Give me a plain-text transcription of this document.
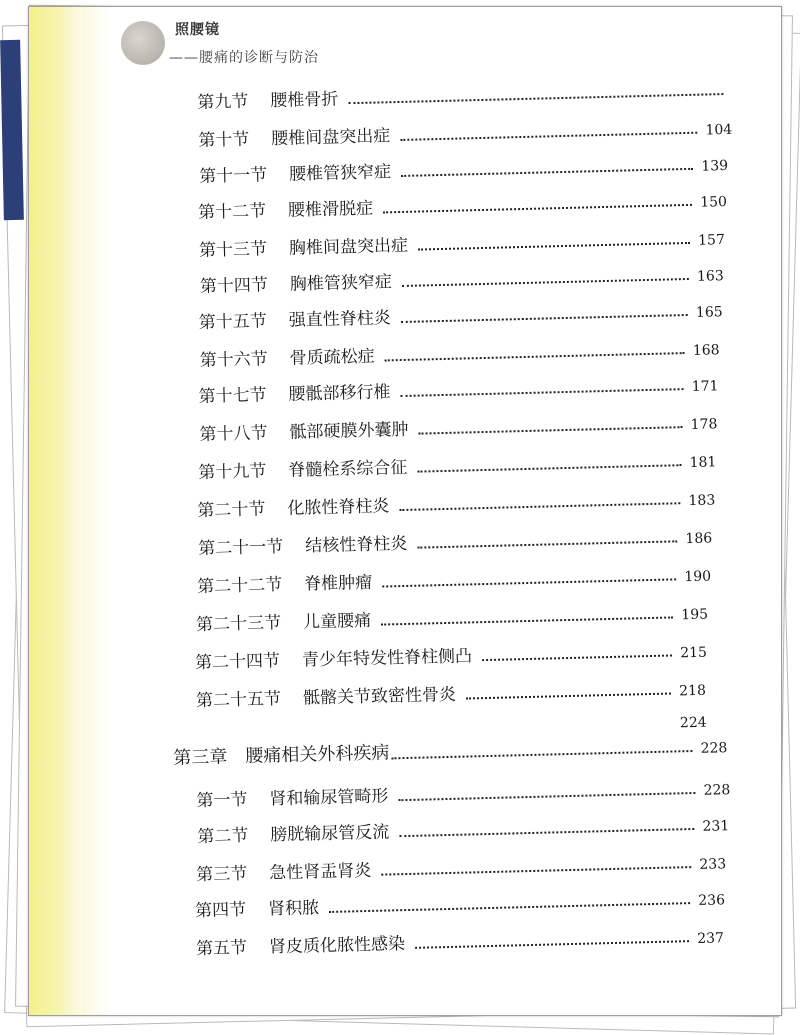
照腰镜
——腰痛的诊断与防治
第九节 腰椎骨折
第十节 腰椎间盘突出症	104
第十一节 腰椎管狭窄症	139
第十二节 腰椎滑脱症	150
第十三节 胸椎间盘突出症	157
第十四节 胸椎管狭窄症	163
第十五节 强直性脊柱炎	165
第十六节 骨质疏松症	168
第十七节 腰骶部移行椎	171
第十八节 骶部硬膜外囊肿	178
第十九节 脊髓栓系综合征	181
第二十节 化脓性脊柱炎	183
第二十一节 结核性脊柱炎	186
第二十二节 脊椎肿瘤	190
第二十三节 儿童腰痛	195
第二十四节 青少年特发性脊柱侧凸	215
第二十五节 骶髂关节致密性骨炎	218
224
第三章 腰痛相关外科疾病	228
第一节 肾和输尿管畸形	228
第二节 膀胱输尿管反流	231
第三节 急性肾盂肾炎	233
第四节 肾积脓	236
第五节 肾皮质化脓性感染	237
